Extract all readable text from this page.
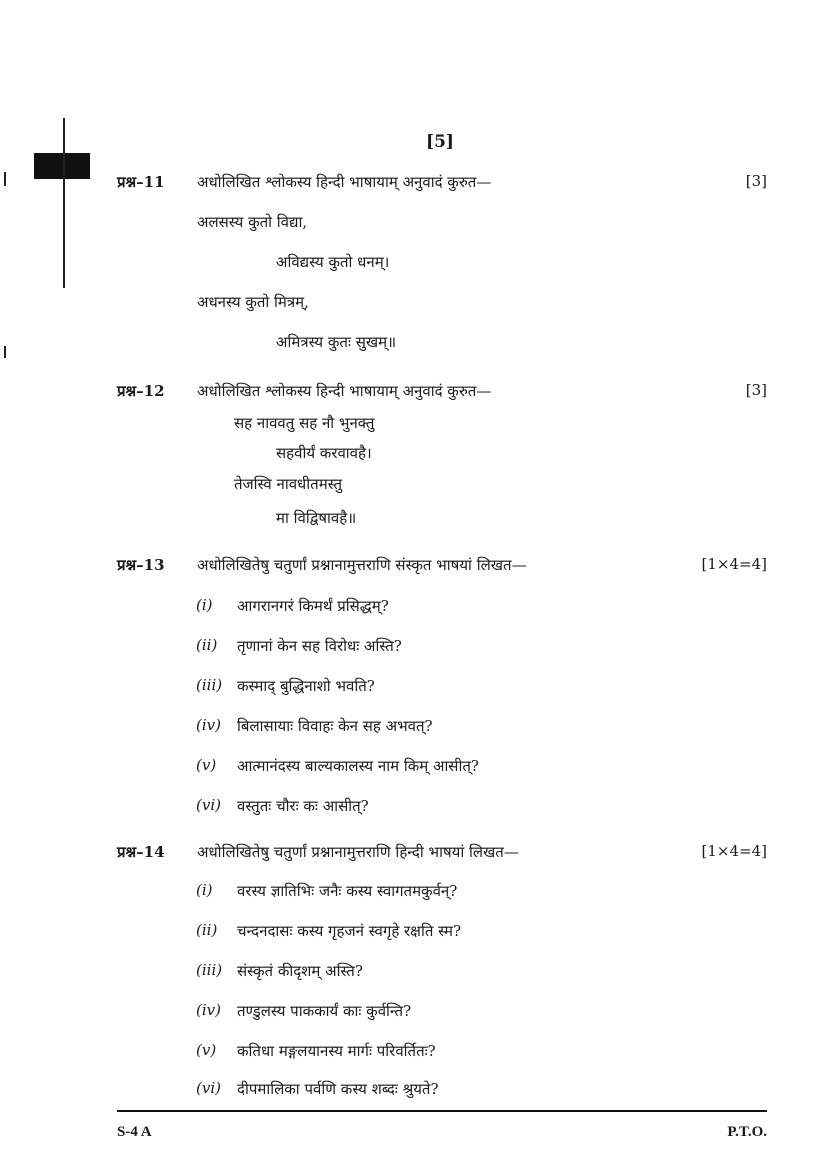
[5]
प्रश्न–11 अधोलिखित श्लोकस्य हिन्दी भाषायाम् अनुवादं कुरुत—	[3]
अलसस्य कुतो विद्या,
अविद्यस्य कुतो धनम्।
अधनस्य कुतो मित्रम्,
अमित्रस्य कुतः सुखम्॥
प्रश्न–12 अधोलिखित श्लोकस्य हिन्दी भाषायाम् अनुवादं कुरुत—	[3]
सह नाववतु सह नौ भुनक्तु
सहवीर्यं करवावहै।
तेजस्वि नावधीतमस्तु
मा विद्विषावहै॥
प्रश्न–13 अधोलिखितेषु चतुर्णां प्रश्नानामुत्तराणि संस्कृत भाषयां लिखत—	[1×4=4]
(i) आगरानगरं किमर्थं प्रसिद्धम्?
(ii) तृणानां केन सह विरोधः अस्ति?
(iii) कस्माद् बुद्धिनाशो भवति?
(iv) बिलासायाः विवाहः केन सह अभवत्?
(v) आत्मानंदस्य बाल्यकालस्य नाम किम् आसीत्?
(vi) वस्तुतः चौरः कः आसीत्?
प्रश्न–14 अधोलिखितेषु चतुर्णां प्रश्नानामुत्तराणि हिन्दी भाषयां लिखत—	[1×4=4]
(i) वरस्य ज्ञातिभिः जनैः कस्य स्वागतमकुर्वन्?
(ii) चन्दनदासः कस्य गृहजनं स्वगृहे रक्षति स्म?
(iii) संस्कृतं कीदृशम् अस्ति?
(iv) तण्डुलस्य पाककार्यं काः कुर्वन्ति?
(v) कतिधा मङ्गलयानस्य मार्गः परिवर्तितः?
(vi) दीपमालिका पर्वणि कस्य शब्दः श्रुयते?
S-4 A	P.T.O.
